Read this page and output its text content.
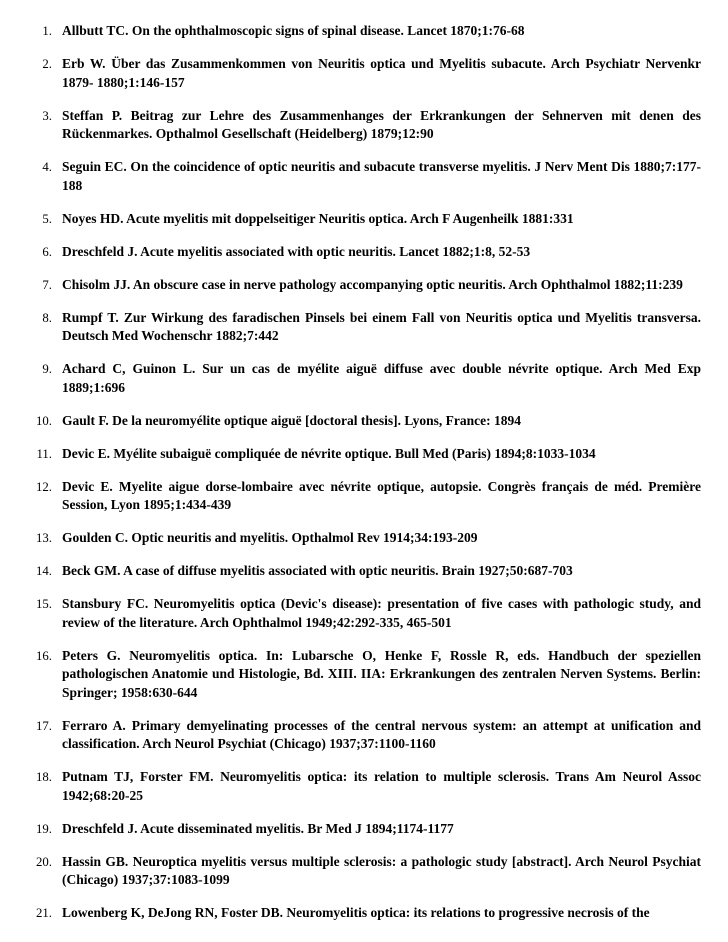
1. Allbutt TC. On the ophthalmoscopic signs of spinal disease. Lancet 1870;1:76-68
2. Erb W. Über das Zusammenkommen von Neuritis optica und Myelitis subacute. Arch Psychiatr Nervenkr 1879- 1880;1:146-157
3. Steffan P. Beitrag zur Lehre des Zusammenhanges der Erkrankungen der Sehnerven mit denen des Rückenmarkes. Opthalmol Gesellschaft (Heidelberg) 1879;12:90
4. Seguin EC. On the coincidence of optic neuritis and subacute transverse myelitis. J Nerv Ment Dis 1880;7:177-188
5. Noyes HD. Acute myelitis mit doppelseitiger Neuritis optica. Arch F Augenheilk 1881:331
6. Dreschfeld J. Acute myelitis associated with optic neuritis. Lancet 1882;1:8, 52-53
7. Chisolm JJ. An obscure case in nerve pathology accompanying optic neuritis. Arch Ophthalmol 1882;11:239
8. Rumpf T. Zur Wirkung des faradischen Pinsels bei einem Fall von Neuritis optica und Myelitis transversa. Deutsch Med Wochenschr 1882;7:442
9. Achard C, Guinon L. Sur un cas de myélite aiguë diffuse avec double névrite optique. Arch Med Exp 1889;1:696
10. Gault F. De la neuromyélite optique aiguë [doctoral thesis]. Lyons, France: 1894
11. Devic E. Myélite subaiguë compliquée de névrite optique. Bull Med (Paris) 1894;8:1033-1034
12. Devic E. Myelite aigue dorse-lombaire avec névrite optique, autopsie. Congrès français de méd. Première Session, Lyon 1895;1:434-439
13. Goulden C. Optic neuritis and myelitis. Opthalmol Rev 1914;34:193-209
14. Beck GM. A case of diffuse myelitis associated with optic neuritis. Brain 1927;50:687-703
15. Stansbury FC. Neuromyelitis optica (Devic's disease): presentation of five cases with pathologic study, and review of the literature. Arch Ophthalmol 1949;42:292-335, 465-501
16. Peters G. Neuromyelitis optica. In: Lubarsche O, Henke F, Rossle R, eds. Handbuch der speziellen pathologischen Anatomie und Histologie, Bd. XIII. IIA: Erkrankungen des zentralen Nerven Systems. Berlin: Springer; 1958:630-644
17. Ferraro A. Primary demyelinating processes of the central nervous system: an attempt at unification and classification. Arch Neurol Psychiat (Chicago) 1937;37:1100-1160
18. Putnam TJ, Forster FM. Neuromyelitis optica: its relation to multiple sclerosis. Trans Am Neurol Assoc 1942;68:20-25
19. Dreschfeld J. Acute disseminated myelitis. Br Med J 1894;1174-1177
20. Hassin GB. Neuroptica myelitis versus multiple sclerosis: a pathologic study [abstract]. Arch Neurol Psychiat (Chicago) 1937;37:1083-1099
21. Lowenberg K, DeJong RN, Foster DB. Neuromyelitis optica: its relations to progressive necrosis of the
